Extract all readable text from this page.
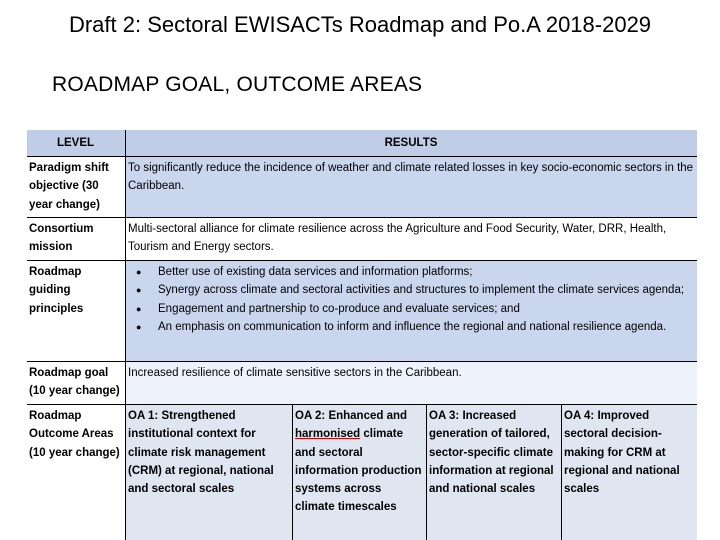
Draft 2: Sectoral EWISACTs Roadmap and Po.A 2018-2029
ROADMAP GOAL, OUTCOME AREAS
LEVEL	RESULTS
Paradigm shift objective (30 year change)
To significantly reduce the incidence of weather and climate related losses in key socio-economic sectors in the Caribbean.
Consortium mission
Multi-sectoral alliance for climate resilience across the Agriculture and Food Security, Water, DRR, Health, Tourism and Energy sectors.
Roadmap guiding principles
● Better use of existing data services and information platforms;
● Synergy across climate and sectoral activities and structures to implement the climate services agenda;
● Engagement and partnership to co-produce and evaluate services; and
● An emphasis on communication to inform and influence the regional and national resilience agenda.
Roadmap goal (10 year change)
Increased resilience of climate sensitive sectors in the Caribbean.
Roadmap Outcome Areas (10 year change)
OA 1: Strengthened institutional context for climate risk management (CRM) at regional, national and sectoral scales
OA 2: Enhanced and harmonised climate and sectoral information production systems across climate timescales
OA 3: Increased generation of tailored, sector-specific climate information at regional and national scales
OA 4: Improved sectoral decision-making for CRM at regional and national scales
